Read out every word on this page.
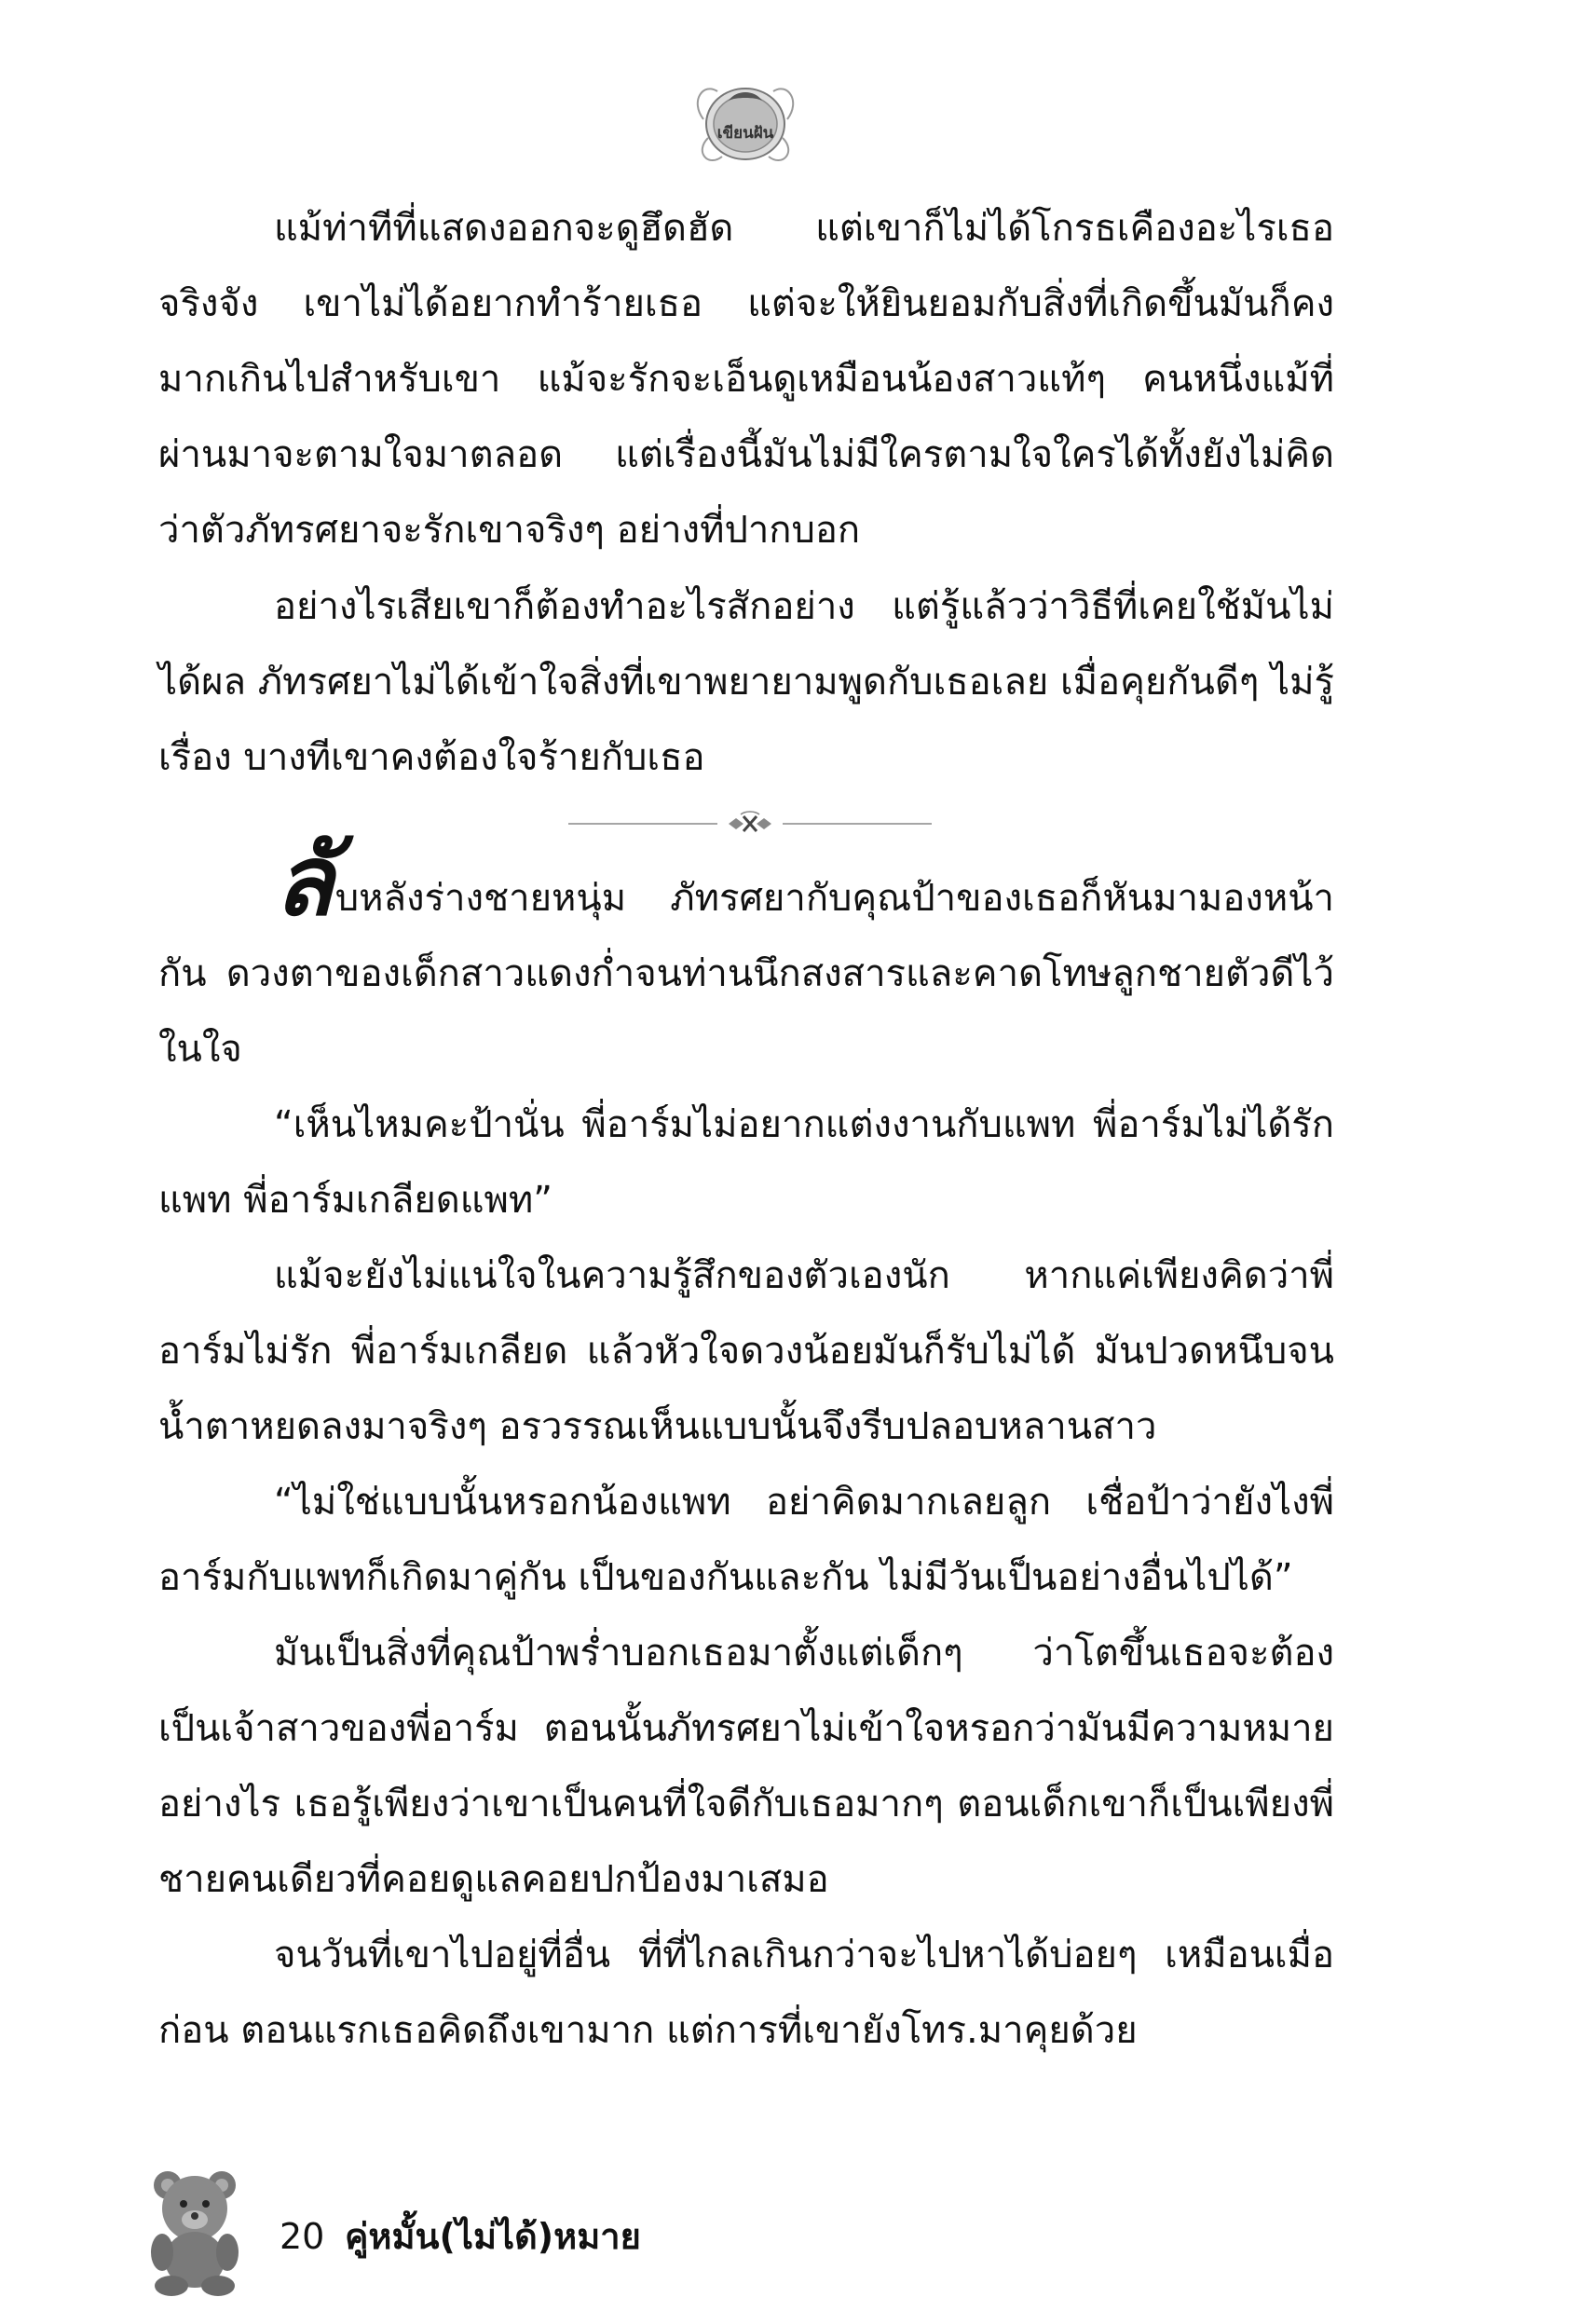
เขียนฝัน

แม้ท่าทีที่แสดงออกจะดูฮึดฮัด แต่เขาก็ไม่ได้โกรธเคืองอะไรเธอจริงจัง เขาไม่ได้อยากทำร้ายเธอ แต่จะให้ยินยอมกับสิ่งที่เกิดขึ้นมันก็คงมากเกินไปสำหรับเขา แม้จะรักจะเอ็นดูเหมือนน้องสาวแท้ๆ คนหนึ่งแม้ที่ผ่านมาจะตามใจมาตลอด แต่เรื่องนี้มันไม่มีใครตามใจใครได้ทั้งยังไม่คิดว่าตัวภัทรศยาจะรักเขาจริงๆ อย่างที่ปากบอก

อย่างไรเสียเขาก็ต้องทำอะไรสักอย่าง แต่รู้แล้วว่าวิธีที่เคยใช้มันไม่ได้ผล ภัทรศยาไม่ได้เข้าใจสิ่งที่เขาพยายามพูดกับเธอเลย เมื่อคุยกันดีๆ ไม่รู้เรื่อง บางทีเขาคงต้องใจร้ายกับเธอ

ลับหลังร่างชายหนุ่ม ภัทรศยากับคุณป้าของเธอก็หันมามองหน้ากัน ดวงตาของเด็กสาวแดงก่ำจนท่านนึกสงสารและคาดโทษลูกชายตัวดีไว้ในใจ

“เห็นไหมคะป้านั่น พี่อาร์มไม่อยากแต่งงานกับแพท พี่อาร์มไม่ได้รักแพท พี่อาร์มเกลียดแพท”

แม้จะยังไม่แน่ใจในความรู้สึกของตัวเองนัก หากแค่เพียงคิดว่าพี่อาร์มไม่รัก พี่อาร์มเกลียด แล้วหัวใจดวงน้อยมันก็รับไม่ได้ มันปวดหนึบจนน้ำตาหยดลงมาจริงๆ อรวรรณเห็นแบบนั้นจึงรีบปลอบหลานสาว

“ไม่ใช่แบบนั้นหรอกน้องแพท อย่าคิดมากเลยลูก เชื่อป้าว่ายังไงพี่อาร์มกับแพทก็เกิดมาคู่กัน เป็นของกันและกัน ไม่มีวันเป็นอย่างอื่นไปได้”

มันเป็นสิ่งที่คุณป้าพร่ำบอกเธอมาตั้งแต่เด็กๆ ว่าโตขึ้นเธอจะต้องเป็นเจ้าสาวของพี่อาร์ม ตอนนั้นภัทรศยาไม่เข้าใจหรอกว่ามันมีความหมายอย่างไร เธอรู้เพียงว่าเขาเป็นคนที่ใจดีกับเธอมากๆ ตอนเด็กเขาก็เป็นเพียงพี่ชายคนเดียวที่คอยดูแลคอยปกป้องมาเสมอ

จนวันที่เขาไปอยู่ที่อื่น ที่ที่ไกลเกินกว่าจะไปหาได้บ่อยๆ เหมือนเมื่อก่อน ตอนแรกเธอคิดถึงเขามาก แต่การที่เขายังโทร.มาคุยด้วย

20 คู่หมั้น(ไม่ได้)หมาย
